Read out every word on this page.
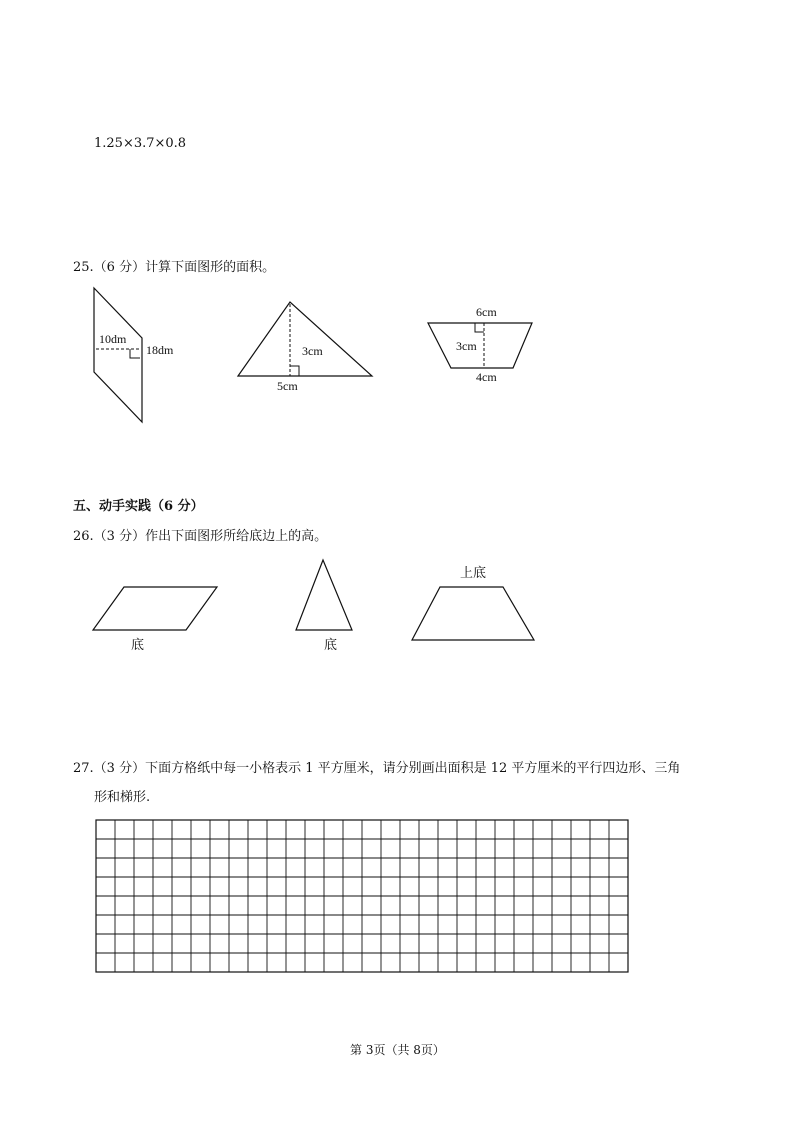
1.25×3.7×0.8
25.（6 分）计算下面图形的面积。
10dm
18dm	3cm
5cm
6cm
3cm
4cm
底	底
上底
五、动手实践（6 分）
26.（3 分）作出下面图形所给底边上的高。
27.（3 分）下面方格纸中每一小格表示 1 平方厘米，请分别画出面积是 12 平方厘米的平行四边形、三角
形和梯形.
第 3页（共 8页）
